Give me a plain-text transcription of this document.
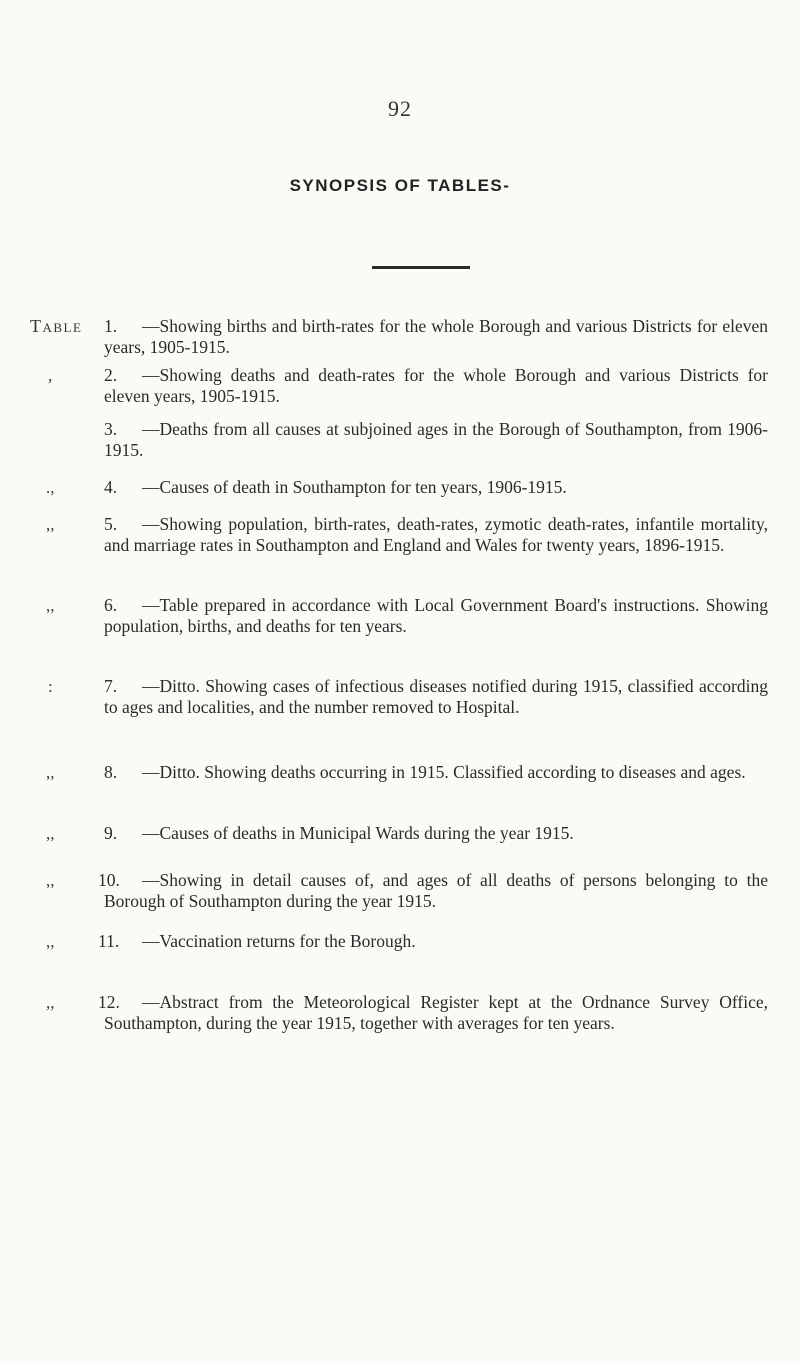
92
SYNOPSIS OF TABLES-
Table	1. —Showing births and birth-rates for the whole Borough and various Districts for eleven years, 1905-1915.
,	2. —Showing deaths and death-rates for the whole Borough and various Districts for eleven years, 1905-1915.
3. —Deaths from all causes at subjoined ages in the Borough of Southampton, from 1906-1915.
.,	4. —Causes of death in Southampton for ten years, 1906-1915.
,,	5. —Showing population, birth-rates, death-rates, zymotic death-rates, infantile mortality, and marriage rates in Southampton and England and Wales for twenty years, 1896-1915.
,,	6. —Table prepared in accordance with Local Government Board's instructions. Showing population, births, and deaths for ten years.
:	7. —Ditto. Showing cases of infectious diseases notified during 1915, classified according to ages and localities, and the number removed to Hospital.
,,	8. —Ditto. Showing deaths occurring in 1915. Classified according to diseases and ages.
,,	9. —Causes of deaths in Municipal Wards during the year 1915.
,,	10. —Showing in detail causes of, and ages of all deaths of persons belonging to the Borough of Southampton during the year 1915.
,,	11. —Vaccination returns for the Borough.
,,	12. —Abstract from the Meteorological Register kept at the Ordnance Survey Office, Southampton, during the year 1915, together with averages for ten years.
